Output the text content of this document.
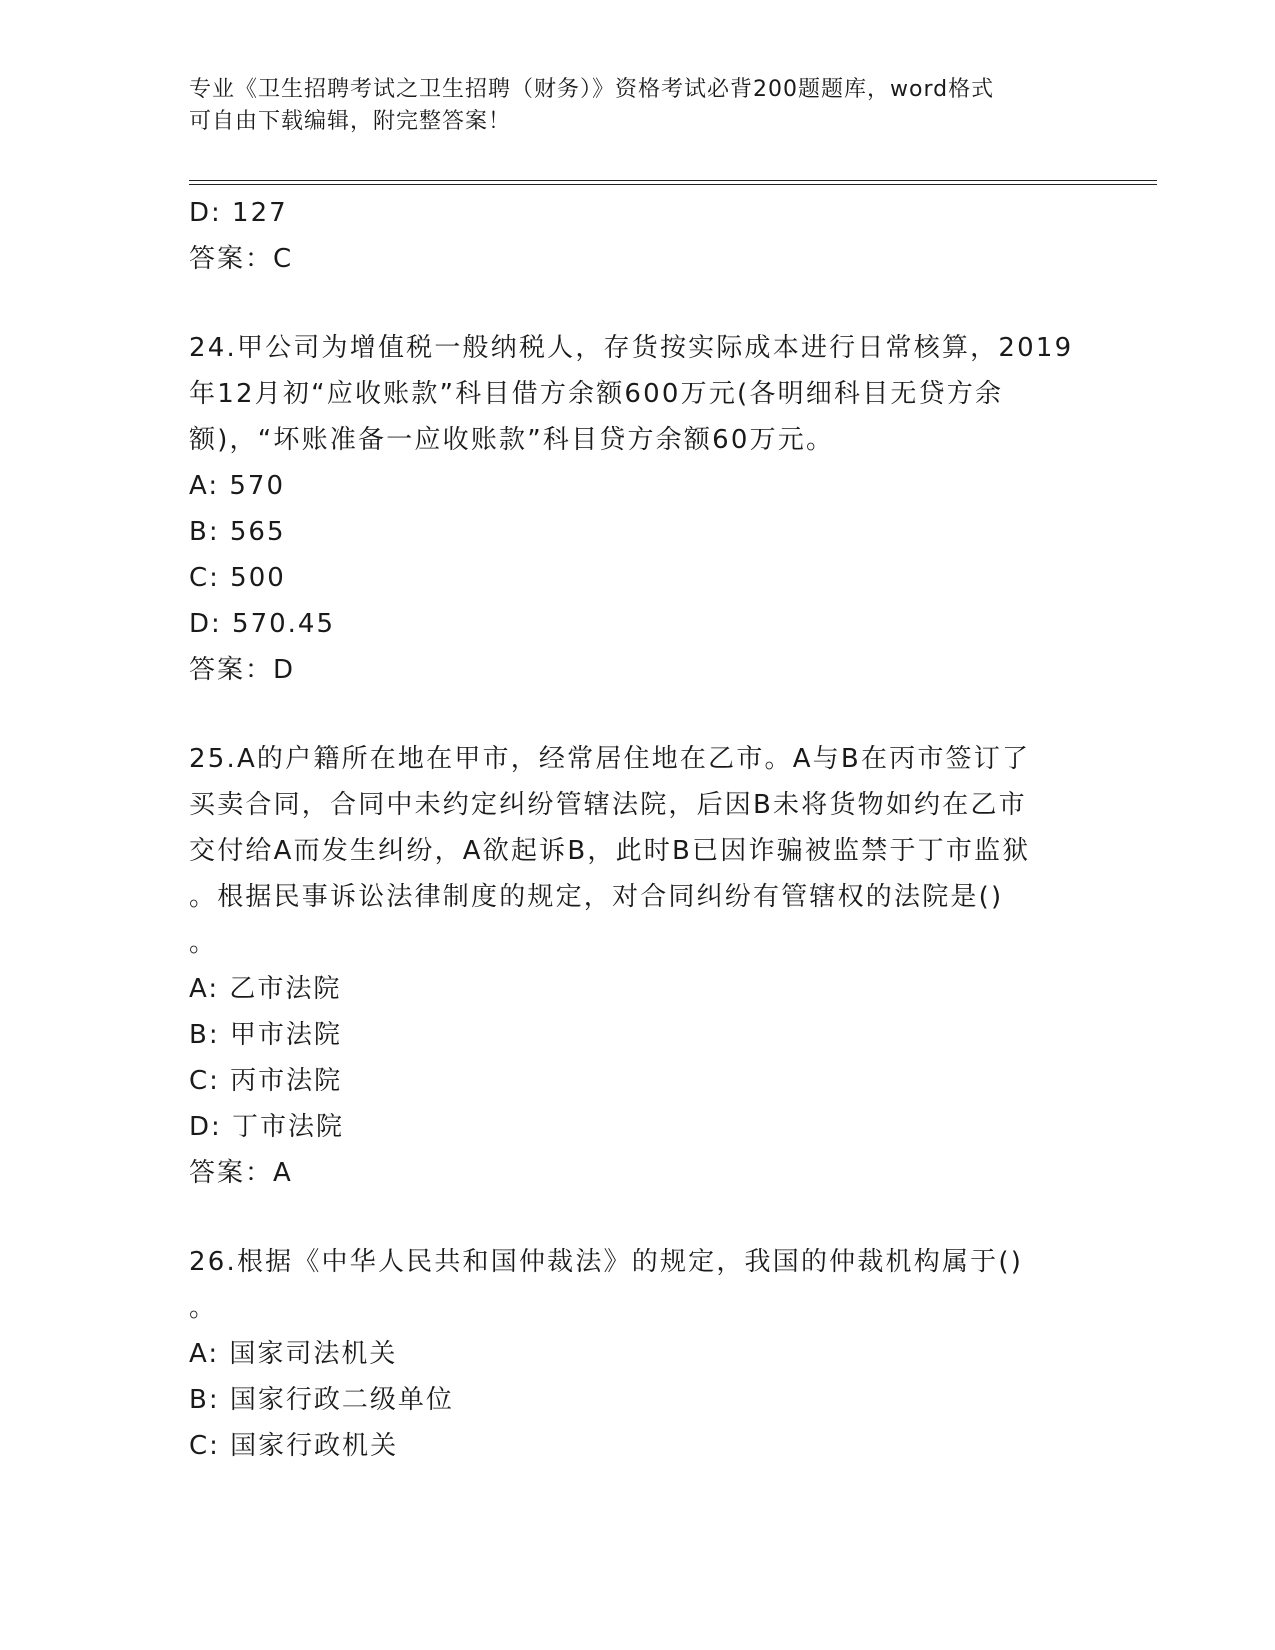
专业《卫生招聘考试之卫生招聘（财务）》资格考试必背200题题库，word格式
可自由下载编辑，附完整答案！
D: 127
答案：C
24.甲公司为增值税一般纳税人，存货按实际成本进行日常核算，2019
年12月初“应收账款”科目借方余额600万元(各明细科目无贷方余
额)，“坏账准备一应收账款”科目贷方余额60万元。
A: 570
B: 565
C: 500
D: 570.45
答案：D
25.A的户籍所在地在甲市，经常居住地在乙市。A与B在丙市签订了
买卖合同，合同中未约定纠纷管辖法院，后因B未将货物如约在乙市
交付给A而发生纠纷，A欲起诉B，此时B已因诈骗被监禁于丁市监狱
。根据民事诉讼法律制度的规定，对合同纠纷有管辖权的法院是()
。
A: 乙市法院
B: 甲市法院
C: 丙市法院
D: 丁市法院
答案：A
26.根据《中华人民共和国仲裁法》的规定，我国的仲裁机构属于()
。
A: 国家司法机关
B: 国家行政二级单位
C: 国家行政机关
